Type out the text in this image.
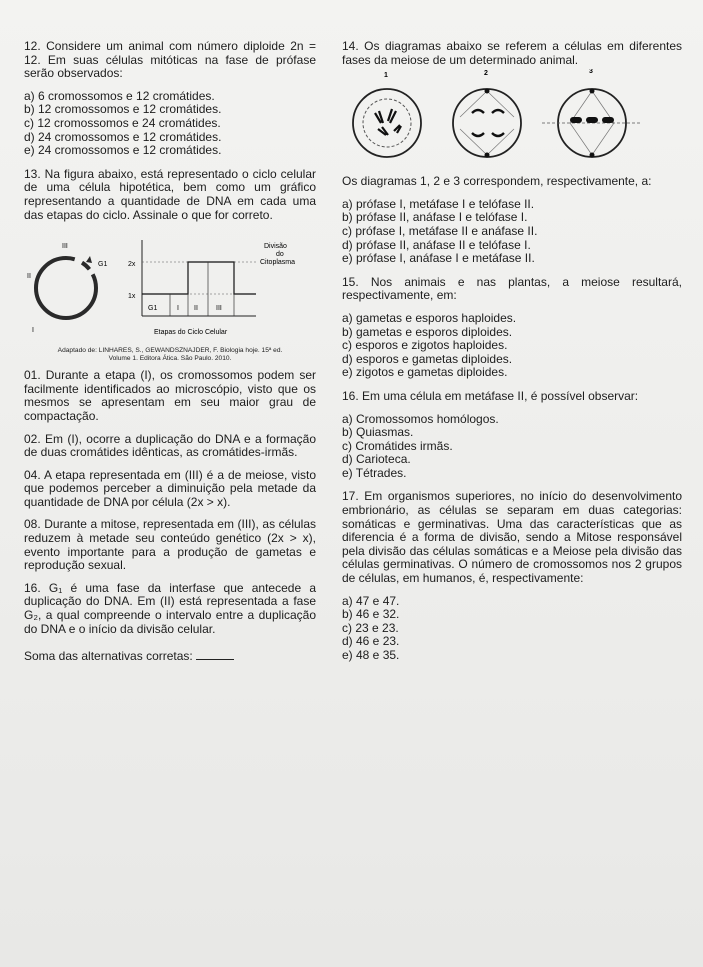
12. Considere um animal com número diploide 2n = 12. Em suas células mitóticas na fase de prófase serão observados:

a) 6 cromossomos e 12 cromátides.

b) 12 cromossomos e 12 cromátides.

c) 12 cromossomos e 24 cromátides.

d) 24 cromossomos e 12 cromátides.

e) 24 cromossomos e 12 cromátides.

13. Na figura abaixo, está representado o ciclo celular de uma célula hipotética, bem como um gráfico representando a quantidade de DNA em cada uma das etapas do ciclo. Assinale o que for correto.

III
G1
II
I
2x
1x
G1	I II	III
Divisão
do
Citoplasma
Etapas do Ciclo Celular

Adaptado de: LINHARES, S., GEWANDSZNAJDER, F. Biologia hoje. 15ª ed.

Volume 1. Editora Ática. São Paulo. 2010.

01. Durante a etapa (I), os cromossomos podem ser facilmente identificados ao microscópio, visto que os mesmos se apresentam em seu maior grau de compactação.

02. Em (I), ocorre a duplicação do DNA e a formação de duas cromátides idênticas, as cromátides-irmãs.

04. A etapa representada em (III) é a de meiose, visto que podemos perceber a diminuição pela metade da quantidade de DNA por célula (2x > x).

08. Durante a mitose, representada em (III), as células reduzem à metade seu conteúdo genético (2x > x), evento importante para a produção de gametas e reprodução sexual.

16. G₁ é uma fase da interfase que antecede a duplicação do DNA. Em (II) está representada a fase G₂, a qual compreende o intervalo entre a duplicação do DNA e o início da divisão celular.

Soma das alternativas corretas:

14. Os diagramas abaixo se referem a células em diferentes fases da meiose de um determinado animal.

1	2	3

Os diagramas 1, 2 e 3 correspondem, respectivamente, a:

a) prófase I, metáfase I e telófase II.

b) prófase II, anáfase I e telófase I.

c) prófase I, metáfase II e anáfase II.

d) prófase II, anáfase II e telófase I.

e) prófase I, anáfase I e metáfase II.

15. Nos animais e nas plantas, a meiose resultará, respectivamente, em:

a) gametas e esporos haploides.

b) gametas e esporos diploides.

c) esporos e zigotos haploides.

d) esporos e gametas diploides.

e) zigotos e gametas diploides.

16. Em uma célula em metáfase II, é possível observar:

a) Cromossomos homólogos.

b) Quiasmas.

c) Cromátides irmãs.

d) Carioteca.

e) Tétrades.

17. Em organismos superiores, no início do desenvolvimento embrionário, as células se separam em duas categorias: somáticas e germinativas. Uma das características que as diferencia é a forma de divisão, sendo a Mitose responsável pela divisão das células somáticas e a Meiose pela divisão das células germinativas. O número de cromossomos nos 2 grupos de células, em humanos, é, respectivamente:

a) 47 e 47.

b) 46 e 32.

c) 23 e 23.

d) 46 e 23.

e) 48 e 35.
